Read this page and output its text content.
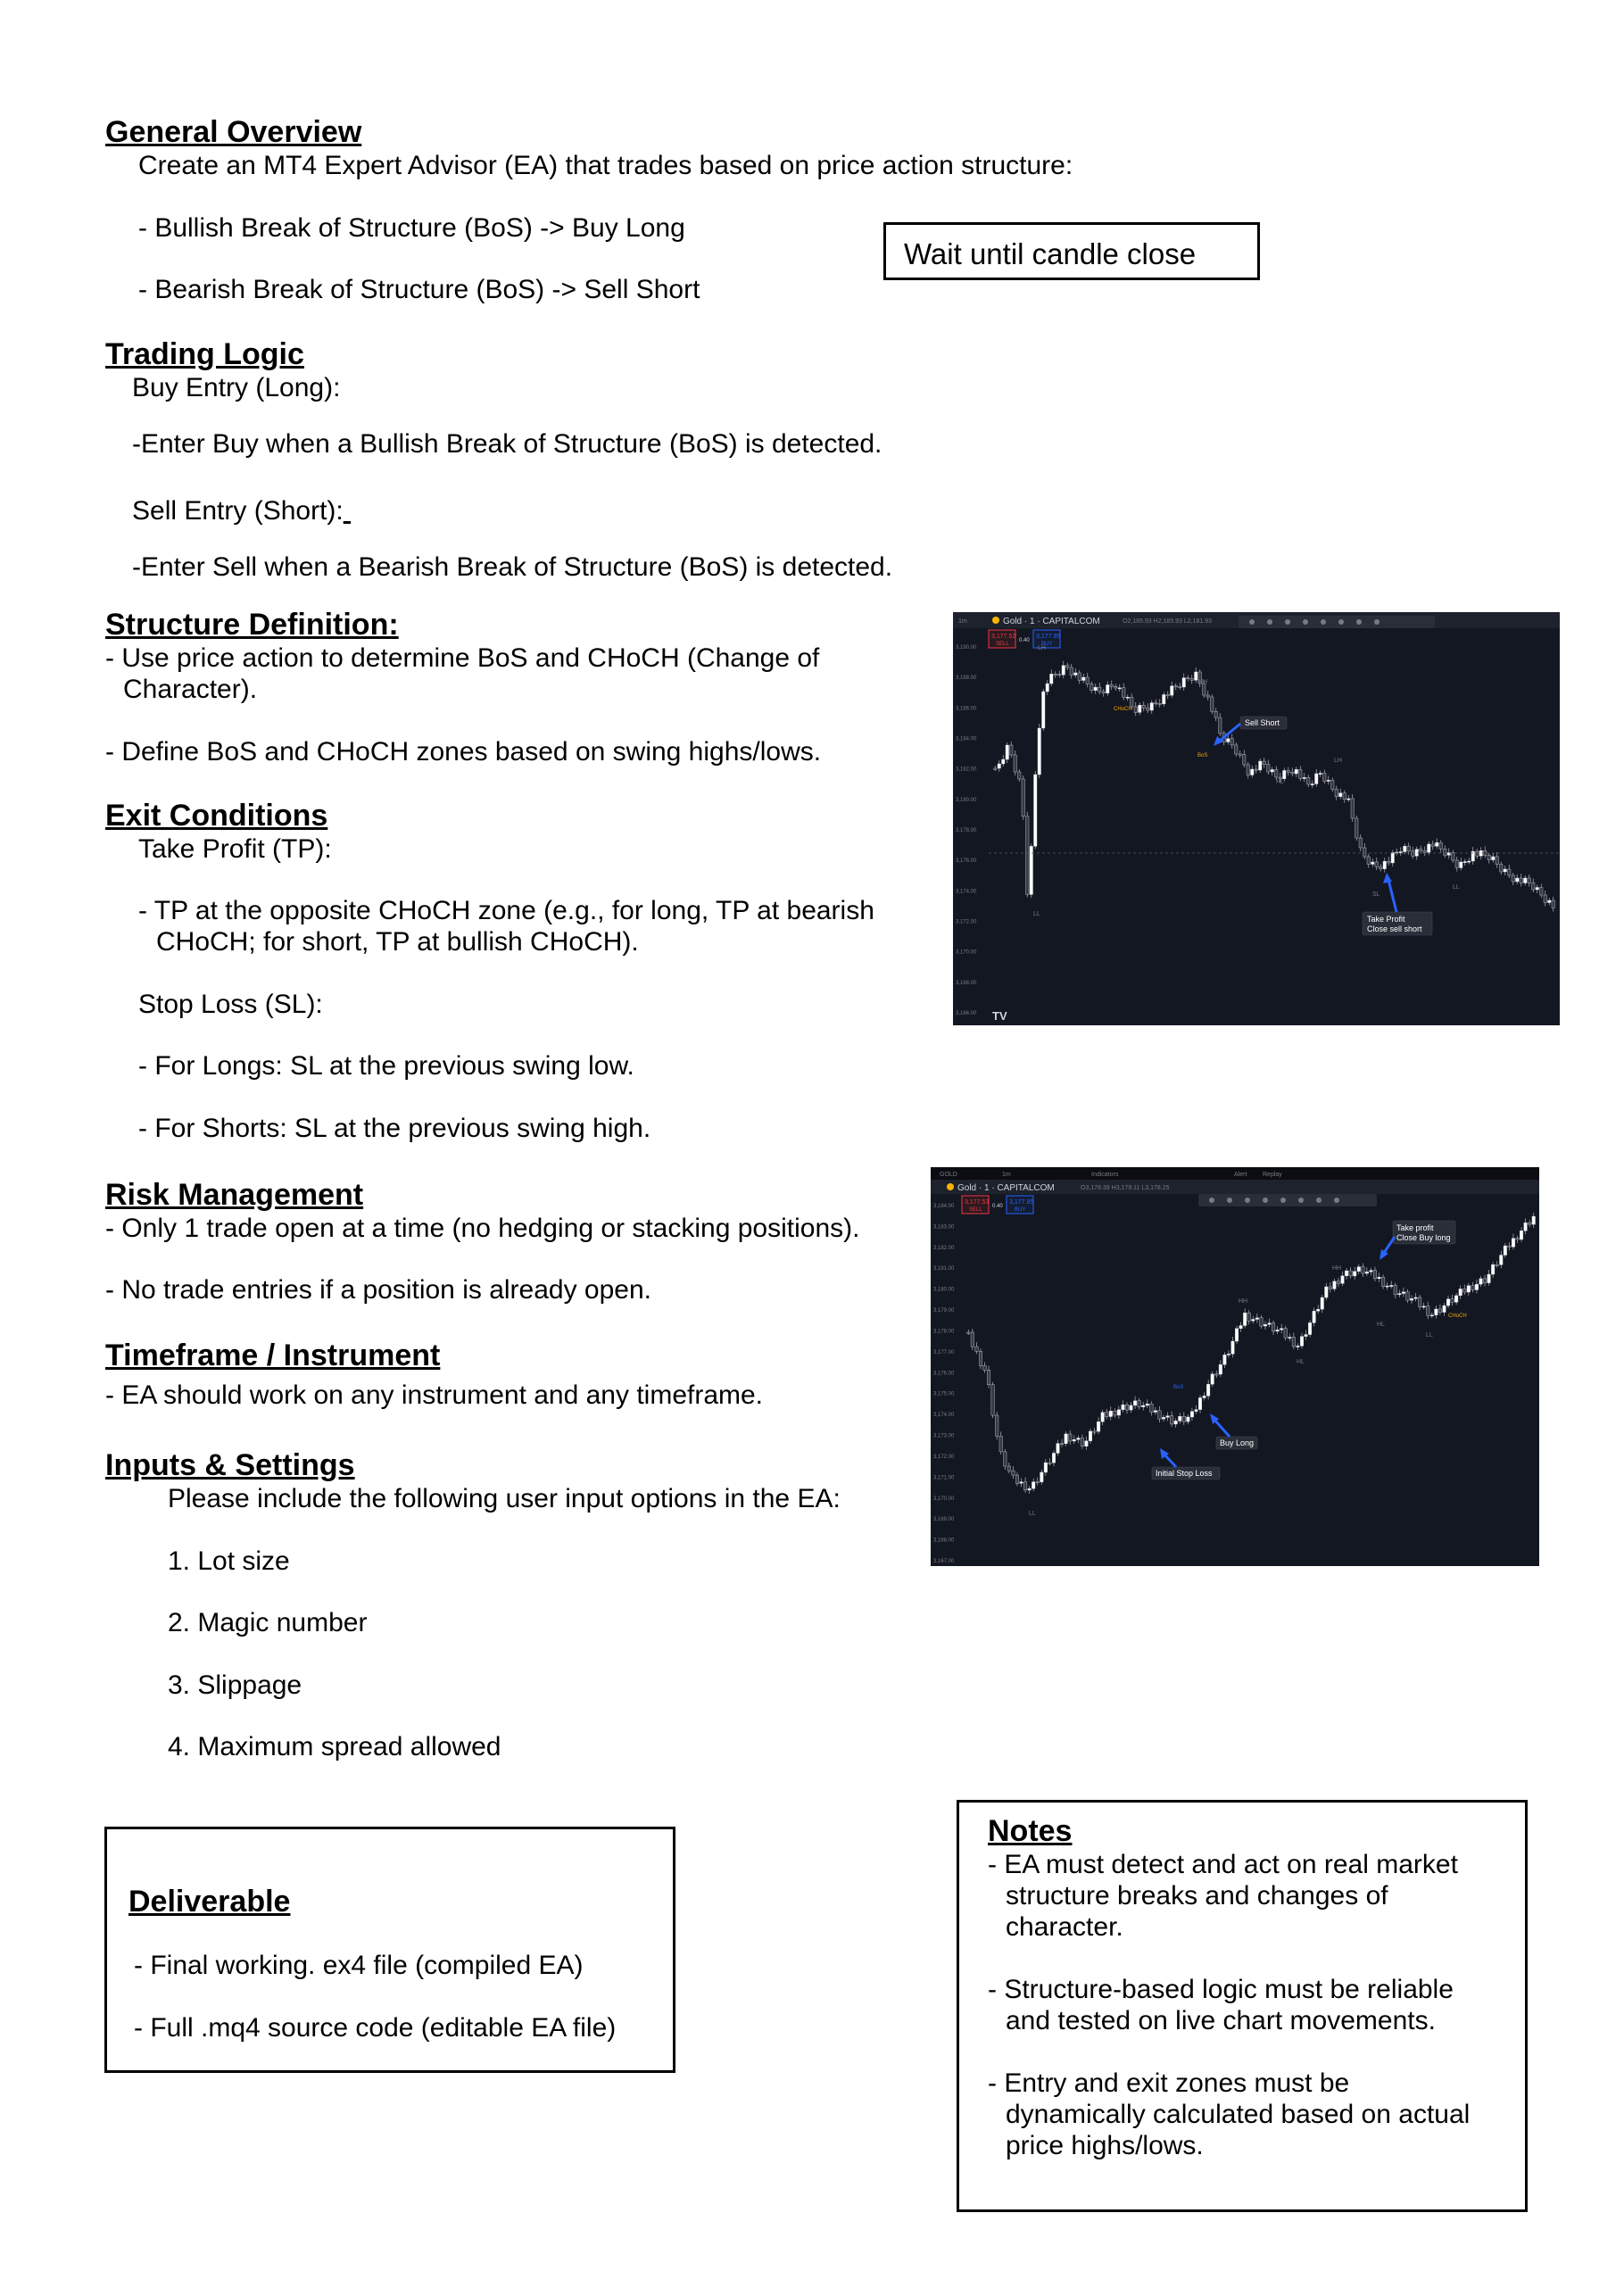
General Overview
Create an MT4 Expert Advisor (EA) that trades based on price action structure:
- Bullish Break of Structure (BoS) -> Buy Long
- Bearish Break of Structure (BoS) -> Sell Short
Wait until candle close
Trading Logic
Buy Entry (Long):
-Enter Buy when a Bullish Break of Structure (BoS) is detected.
Sell Entry (Short):
-Enter Sell when a Bearish Break of Structure (BoS) is detected.
Structure Definition:
- Use price action to determine BoS and CHoCH (Change of
Character).
- Define BoS and CHoCH zones based on swing highs/lows.
Exit Conditions
Take Profit (TP):
- TP at the opposite CHoCH zone (e.g., for long, TP at bearish
CHoCH; for short, TP at bullish CHoCH).
Stop Loss (SL):
- For Longs: SL at the previous swing low.
- For Shorts: SL at the previous swing high.
Risk Management
- Only 1 trade open at a time (no hedging or stacking positions).
- No trade entries if a position is already open.
Timeframe / Instrument
- EA should work on any instrument and any timeframe.
Inputs & Settings
Please include the following user input options in the EA:
1. Lot size
2. Magic number
3. Slippage
4. Maximum spread allowed
Deliverable
- Final working. ex4 file (compiled EA)
- Full .mq4 source code (editable EA file)
Notes
- EA must detect and act on real market
structure breaks and changes of
character.
- Structure-based logic must be reliable
and tested on live chart movements.
- Entry and exit zones must be
dynamically calculated based on actual
price highs/lows.
1m	Gold · 1 · CAPITALCOM	O2,185.93 H2,185.93 L2,181.93
3,177.53
SELL
0.40
3,177.95
BUY
3,190.00
3,188.00
3,186.00
3,184.00
3,182.00
3,180.00
3,178.00
3,176.00
3,174.00
3,172.00
3,170.00
3,168.00
3,166.00
Sell Short
Take Profit
Close sell short
LH
LL
HL
SL
HH
LH
CHoCH
BoS
LL
TV
GOLD	1m	Indicators	Alert	Replay
Gold · 1 · CAPITALCOM	O3,178.39 H3,179.11 L3,178.25
3,177.53
SELL
0.40
3,177.95
BUY
3,184.00
3,183.00
3,182.00
3,181.00
3,180.00
3,179.00
3,178.00
3,177.00
3,176.00
3,175.00
3,174.00
3,173.00
3,172.00
3,171.00
3,170.00
3,169.00
3,168.00
3,167.00
Take profit
Close Buy long
Buy Long
Initial Stop Loss
HH
HL
LL
HH
HL
BoS
CHoCH
LL
